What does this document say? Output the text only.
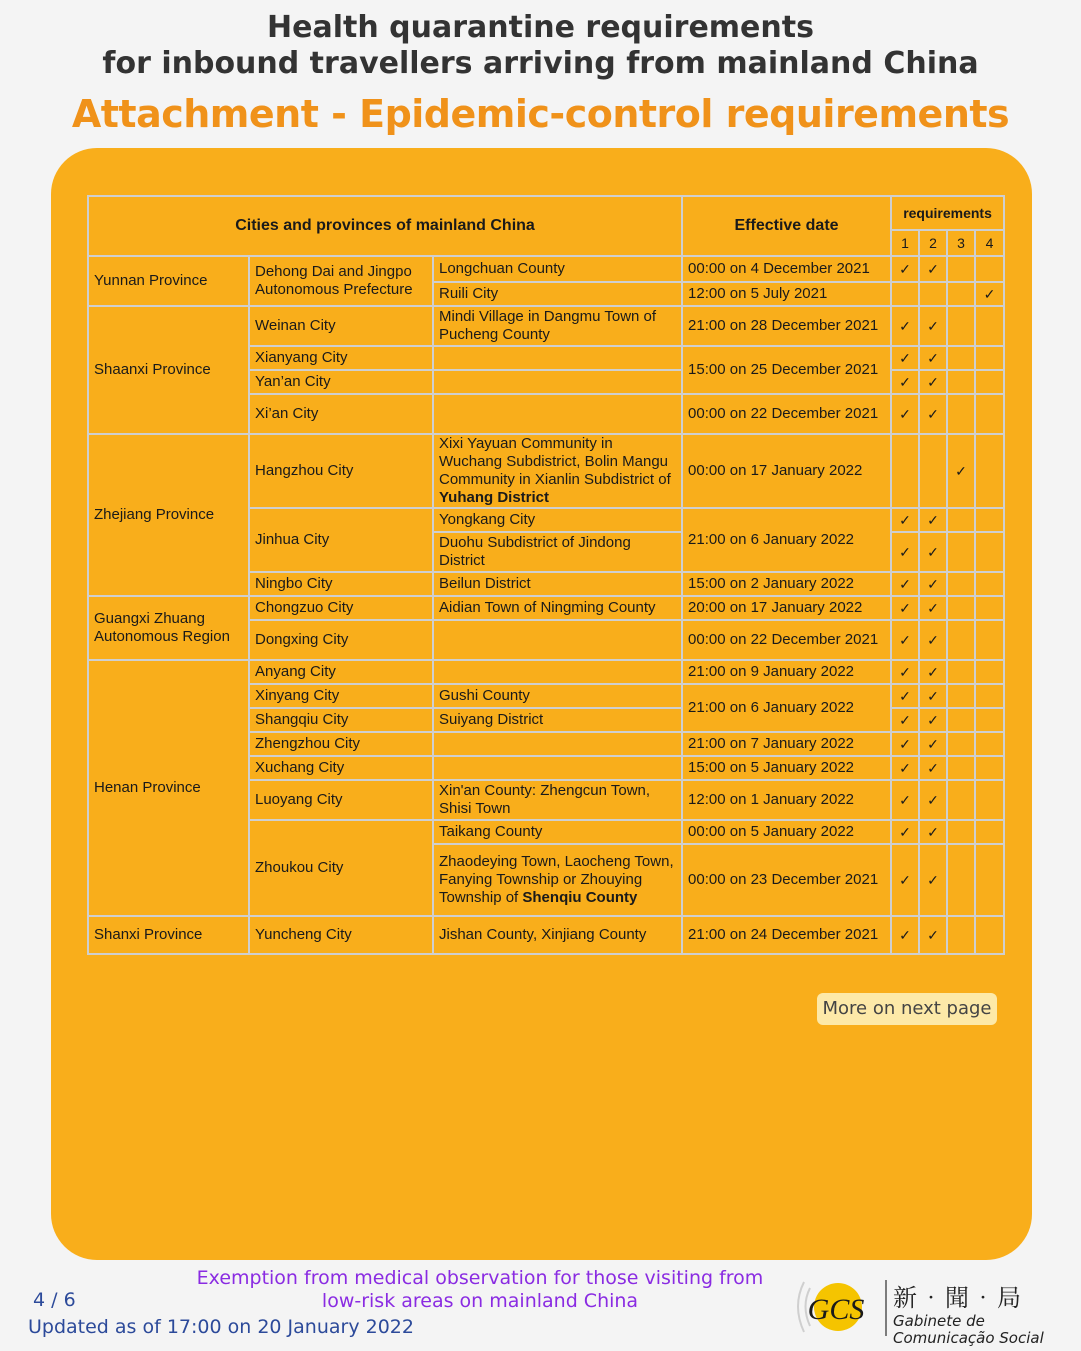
Health quarantine requirements
for inbound travellers arriving from mainland China
Attachment - Epidemic-control requirements
Cities and provinces of mainland China			Effective date	requirements			
				1	2	3	4
Yunnan Province	Dehong Dai and Jingpo Autonomous Prefecture	Longchuan County	00:00 on 4 December 2021	✓	✓		
		Ruili City	12:00 on 5 July 2021				✓
Shaanxi Province	Weinan City	Mindi Village in Dangmu Town of Pucheng County	21:00 on 28 December 2021	✓	✓		
	Xianyang City		15:00 on 25 December 2021	✓	✓		
	Yan’an City			✓	✓		
	Xi’an City		00:00 on 22 December 2021	✓	✓		
Zhejiang Province	Hangzhou City	Xixi Yayuan Community in Wuchang Subdistrict, Bolin Mangu Community in Xianlin Subdistrict of Yuhang District	00:00 on 17 January 2022			✓	
	Jinhua City	Yongkang City	21:00 on 6 January 2022	✓	✓		
		Duohu Subdistrict of Jindong District		✓	✓		
	Ningbo City	Beilun District	15:00 on 2 January 2022	✓	✓		
Guangxi Zhuang Autonomous Region	Chongzuo City	Aidian Town of Ningming County	20:00 on 17 January 2022	✓	✓		
	Dongxing City		00:00 on 22 December 2021	✓	✓		
Henan Province	Anyang City		21:00 on 9 January 2022	✓	✓		
	Xinyang City	Gushi County	21:00 on 6 January 2022	✓	✓		
	Shangqiu City	Suiyang District		✓	✓		
	Zhengzhou City		21:00 on 7 January 2022	✓	✓		
	Xuchang City		15:00 on 5 January 2022	✓	✓		
	Luoyang City	Xin'an County: Zhengcun Town, Shisi Town	12:00 on 1 January 2022	✓	✓		
	Zhoukou City	Taikang County	00:00 on 5 January 2022	✓	✓		
		Zhaodeying Town, Laocheng Town, Fanying Township or Zhouying Township of Shenqiu County	00:00 on 23 December 2021	✓	✓		
Shanxi Province	Yuncheng City	Jishan County, Xinjiang County	21:00 on 24 December 2021	✓	✓		
More on next page
Exemption from medical observation for those visiting from
low-risk areas on mainland China
4 / 6
Updated as of 17:00 on 20 January 2022
GCS 新‧聞‧局
Gabinete de
Comunicação Social
